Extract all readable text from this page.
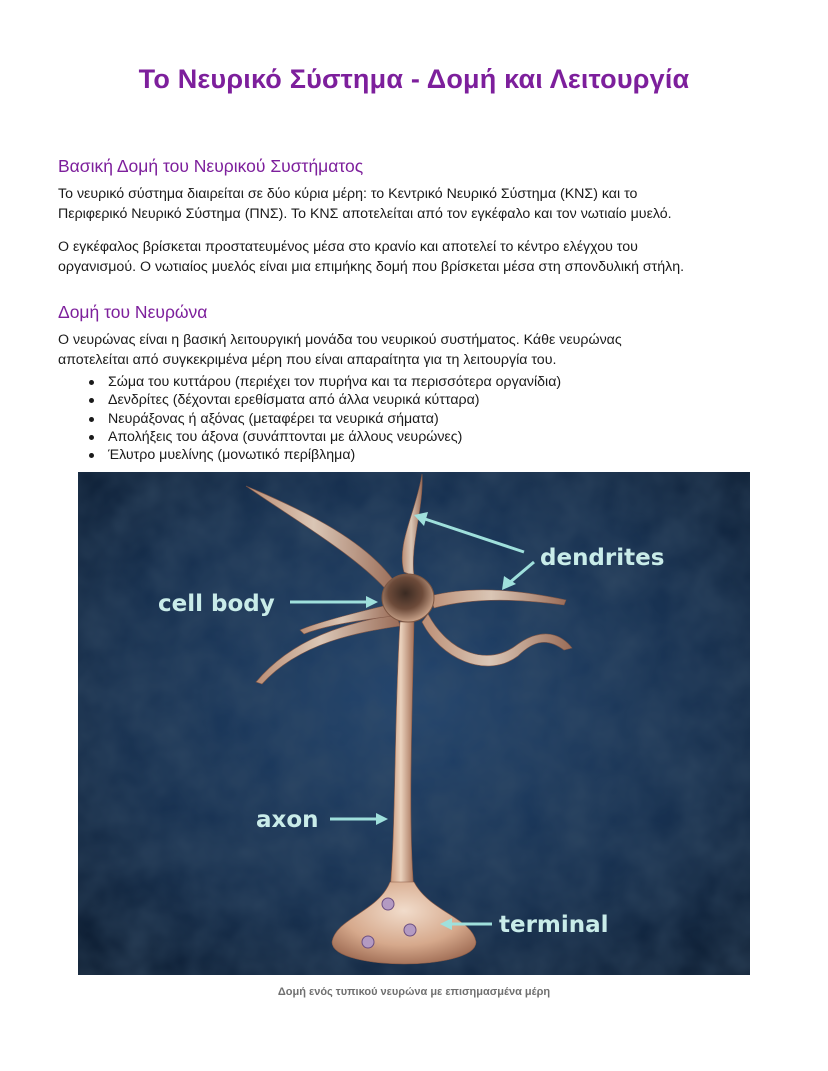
Το Νευρικό Σύστημα - Δομή και Λειτουργία
Βασική Δομή του Νευρικού Συστήματος

Το νευρικό σύστημα διαιρείται σε δύο κύρια μέρη: το Κεντρικό Νευρικό Σύστημα (ΚΝΣ) και το
Περιφερικό Νευρικό Σύστημα (ΠΝΣ). Το ΚΝΣ αποτελείται από τον εγκέφαλο και τον νωτιαίο μυελό.

Ο εγκέφαλος βρίσκεται προστατευμένος μέσα στο κρανίο και αποτελεί το κέντρο ελέγχου του
οργανισμού. Ο νωτιαίος μυελός είναι μια επιμήκης δομή που βρίσκεται μέσα στη σπονδυλική στήλη.

Δομή του Νευρώνα

Ο νευρώνας είναι η βασική λειτουργική μονάδα του νευρικού συστήματος. Κάθε νευρώνας
αποτελείται από συγκεκριμένα μέρη που είναι απαραίτητα για τη λειτουργία του.

Σώμα του κυττάρου (περιέχει τον πυρήνα και τα περισσότερα οργανίδια)
Δενδρίτες (δέχονται ερεθίσματα από άλλα νευρικά κύτταρα)
Νευράξονας ή αξόνας (μεταφέρει τα νευρικά σήματα)
Απολήξεις του άξονα (συνάπτονται με άλλους νευρώνες)
Έλυτρο μυελίνης (μονωτικό περίβλημα)
dendrites
cell body
axon
terminal
Δομή ενός τυπικού νευρώνα με επισημασμένα μέρη
